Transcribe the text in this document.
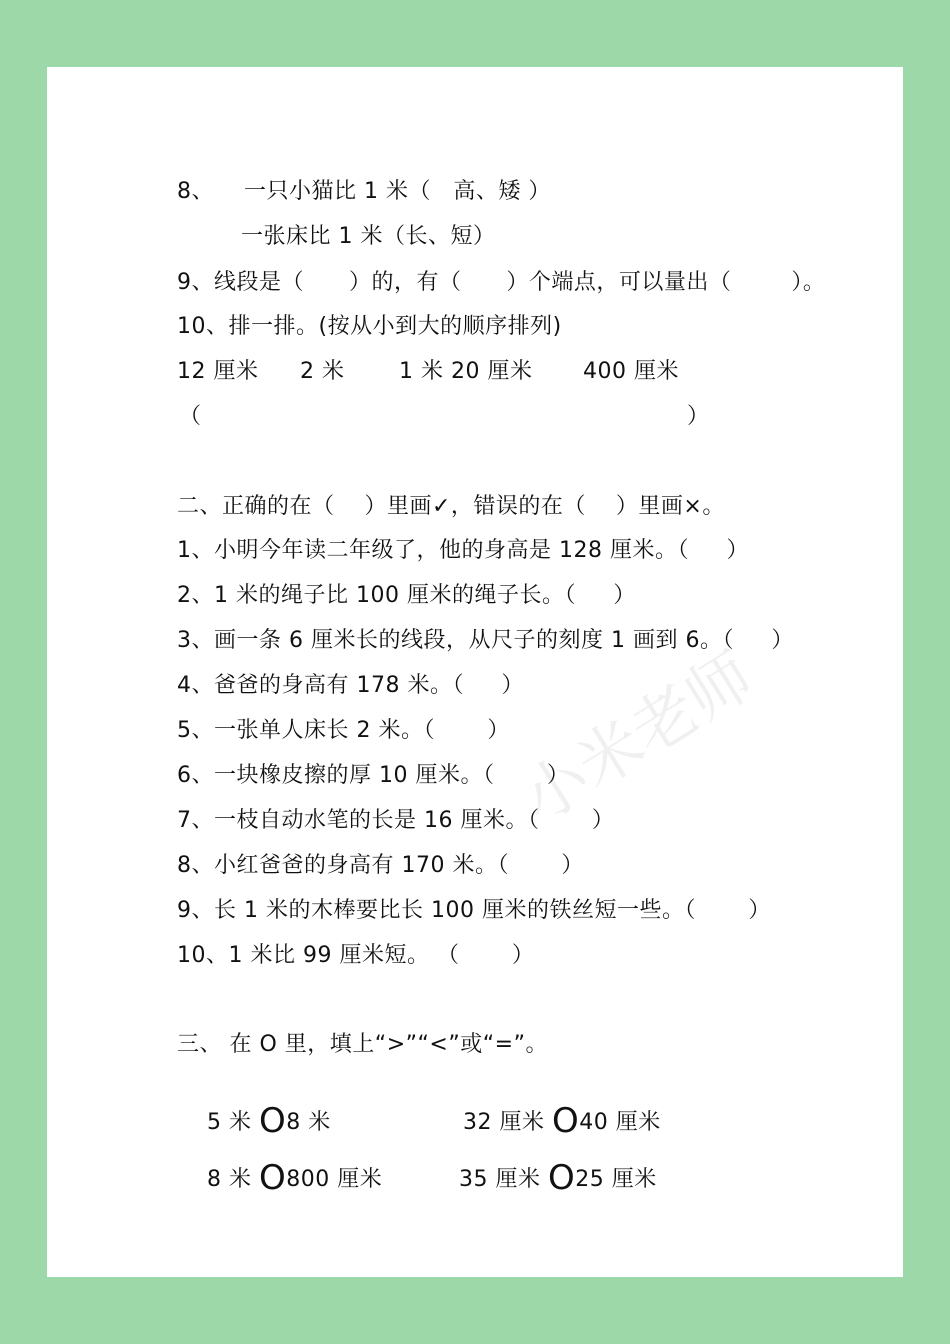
8、    一只小猫比 1 米（   高、矮 ）
一张床比 1 米（长、短）
9、线段是（      ）的，有（      ）个端点，可以量出（        ）。
10、排一排。(按从小到大的顺序排列)
12 厘米 2 米 1 米 20 厘米 400 厘米
（	）
二、正确的在（    ）里画✓，错误的在（    ）里画×。
1、小明今年读二年级了，他的身高是 128 厘米。（     ）
2、1 米的绳子比 100 厘米的绳子长。（     ）
3、画一条 6 厘米长的线段，从尺子的刻度 1 画到 6。（     ）
4、爸爸的身高有 178 米。（     ）
5、一张单人床长 2 米。（       ）
6、一块橡皮擦的厚 10 厘米。（       ）
7、一枝自动水笔的长是 16 厘米。（       ）
8、小红爸爸的身高有 170 米。（       ）
9、长 1 米的木棒要比长 100 厘米的铁丝短一些。（       ）
10、1 米比 99 厘米短。 （       ）
三、 在 O 里，填上“>”“<”或“=”。

5 米 O8 米
	32 厘米 O40 厘米

8 米 O800 厘米
	35 厘米 O25 厘米

小米老师
